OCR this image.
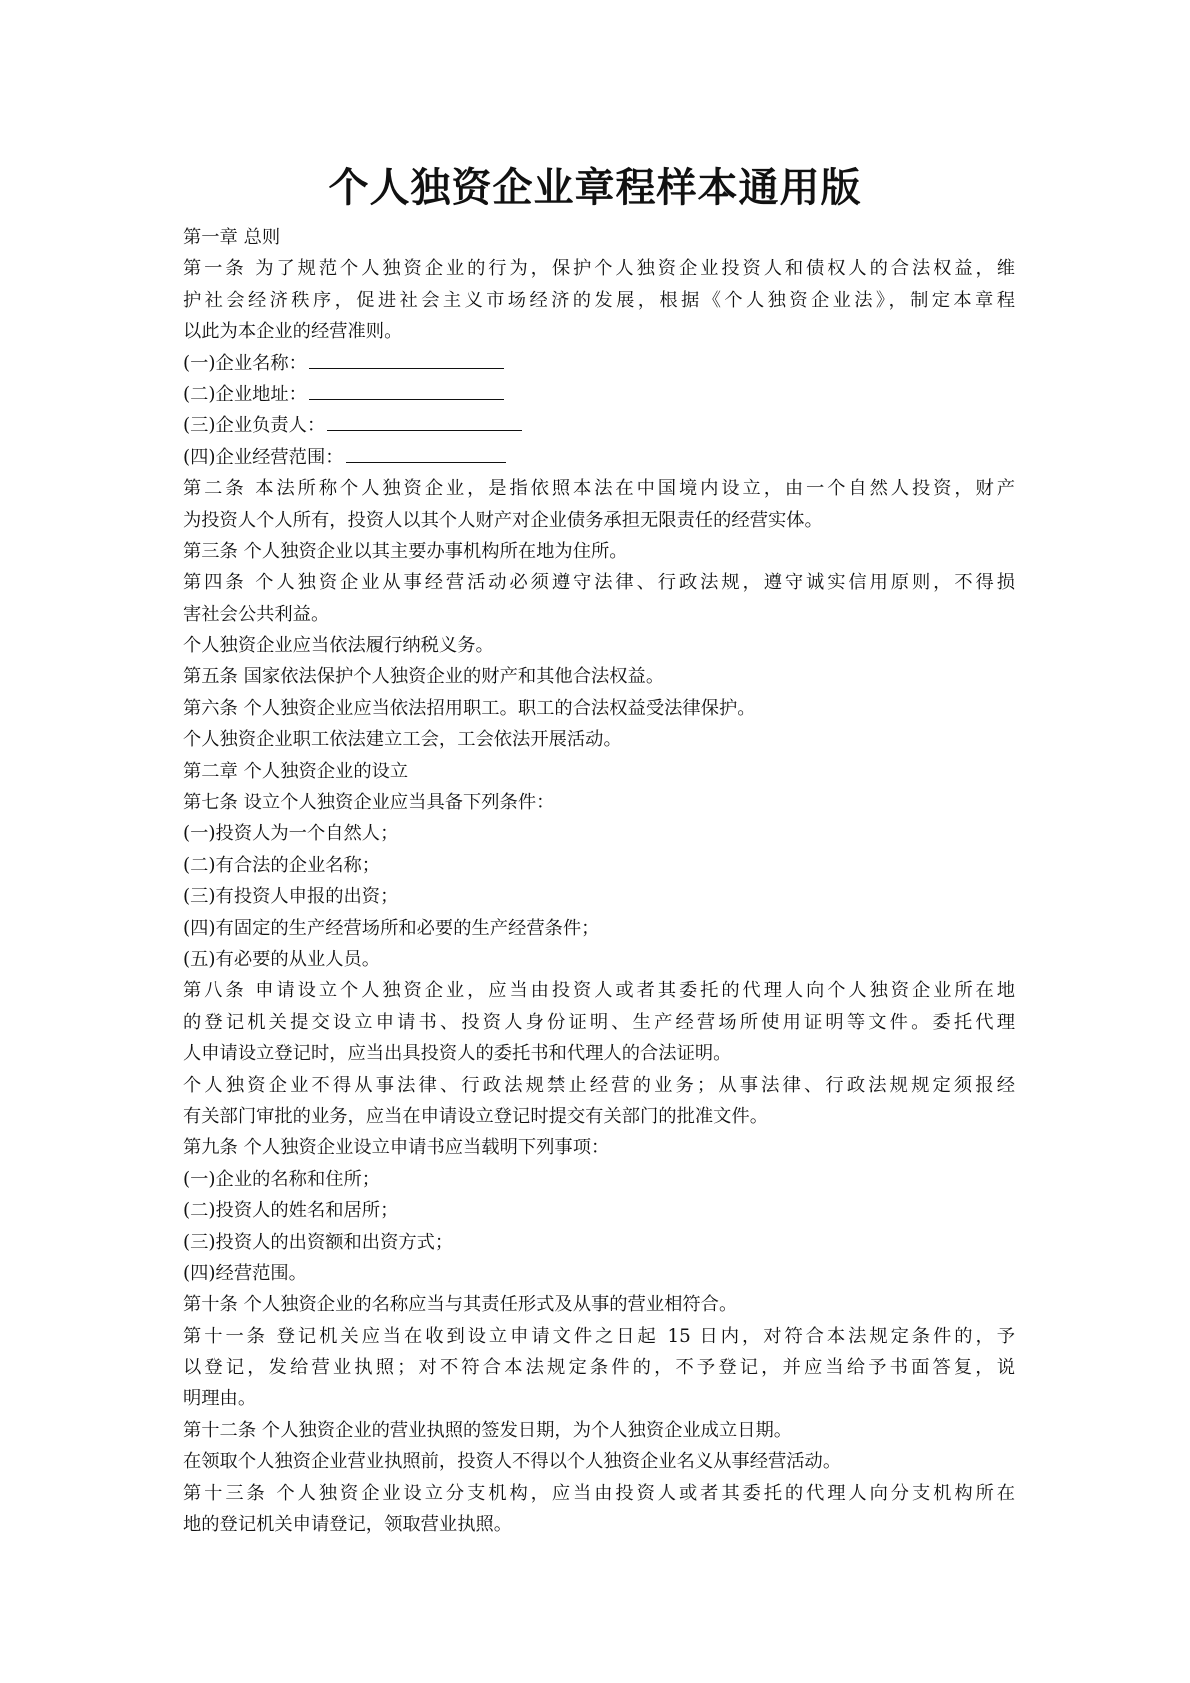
个人独资企业章程样本通用版
第一章 总则
第一条 为了规范个人独资企业的行为，保护个人独资企业投资人和债权人的合法权益，维
护社会经济秩序，促进社会主义市场经济的发展，根据《个人独资企业法》，制定本章程
以此为本企业的经营准则。
(一)企业名称：
(二)企业地址：
(三)企业负责人：
(四)企业经营范围：
第二条 本法所称个人独资企业，是指依照本法在中国境内设立，由一个自然人投资，财产
为投资人个人所有，投资人以其个人财产对企业债务承担无限责任的经营实体。
第三条 个人独资企业以其主要办事机构所在地为住所。
第四条 个人独资企业从事经营活动必须遵守法律、行政法规，遵守诚实信用原则，不得损
害社会公共利益。
个人独资企业应当依法履行纳税义务。
第五条 国家依法保护个人独资企业的财产和其他合法权益。
第六条 个人独资企业应当依法招用职工。职工的合法权益受法律保护。
个人独资企业职工依法建立工会，工会依法开展活动。
第二章 个人独资企业的设立
第七条 设立个人独资企业应当具备下列条件：
(一)投资人为一个自然人；
(二)有合法的企业名称；
(三)有投资人申报的出资；
(四)有固定的生产经营场所和必要的生产经营条件；
(五)有必要的从业人员。
第八条 申请设立个人独资企业，应当由投资人或者其委托的代理人向个人独资企业所在地
的登记机关提交设立申请书、投资人身份证明、生产经营场所使用证明等文件。委托代理
人申请设立登记时，应当出具投资人的委托书和代理人的合法证明。
个人独资企业不得从事法律、行政法规禁止经营的业务；从事法律、行政法规规定须报经
有关部门审批的业务，应当在申请设立登记时提交有关部门的批准文件。
第九条 个人独资企业设立申请书应当载明下列事项：
(一)企业的名称和住所；
(二)投资人的姓名和居所；
(三)投资人的出资额和出资方式；
(四)经营范围。
第十条 个人独资企业的名称应当与其责任形式及从事的营业相符合。
第十一条 登记机关应当在收到设立申请文件之日起 15 日内，对符合本法规定条件的，予
以登记，发给营业执照；对不符合本法规定条件的，不予登记，并应当给予书面答复，说
明理由。
第十二条 个人独资企业的营业执照的签发日期，为个人独资企业成立日期。
在领取个人独资企业营业执照前，投资人不得以个人独资企业名义从事经营活动。
第十三条 个人独资企业设立分支机构，应当由投资人或者其委托的代理人向分支机构所在
地的登记机关申请登记，领取营业执照。
